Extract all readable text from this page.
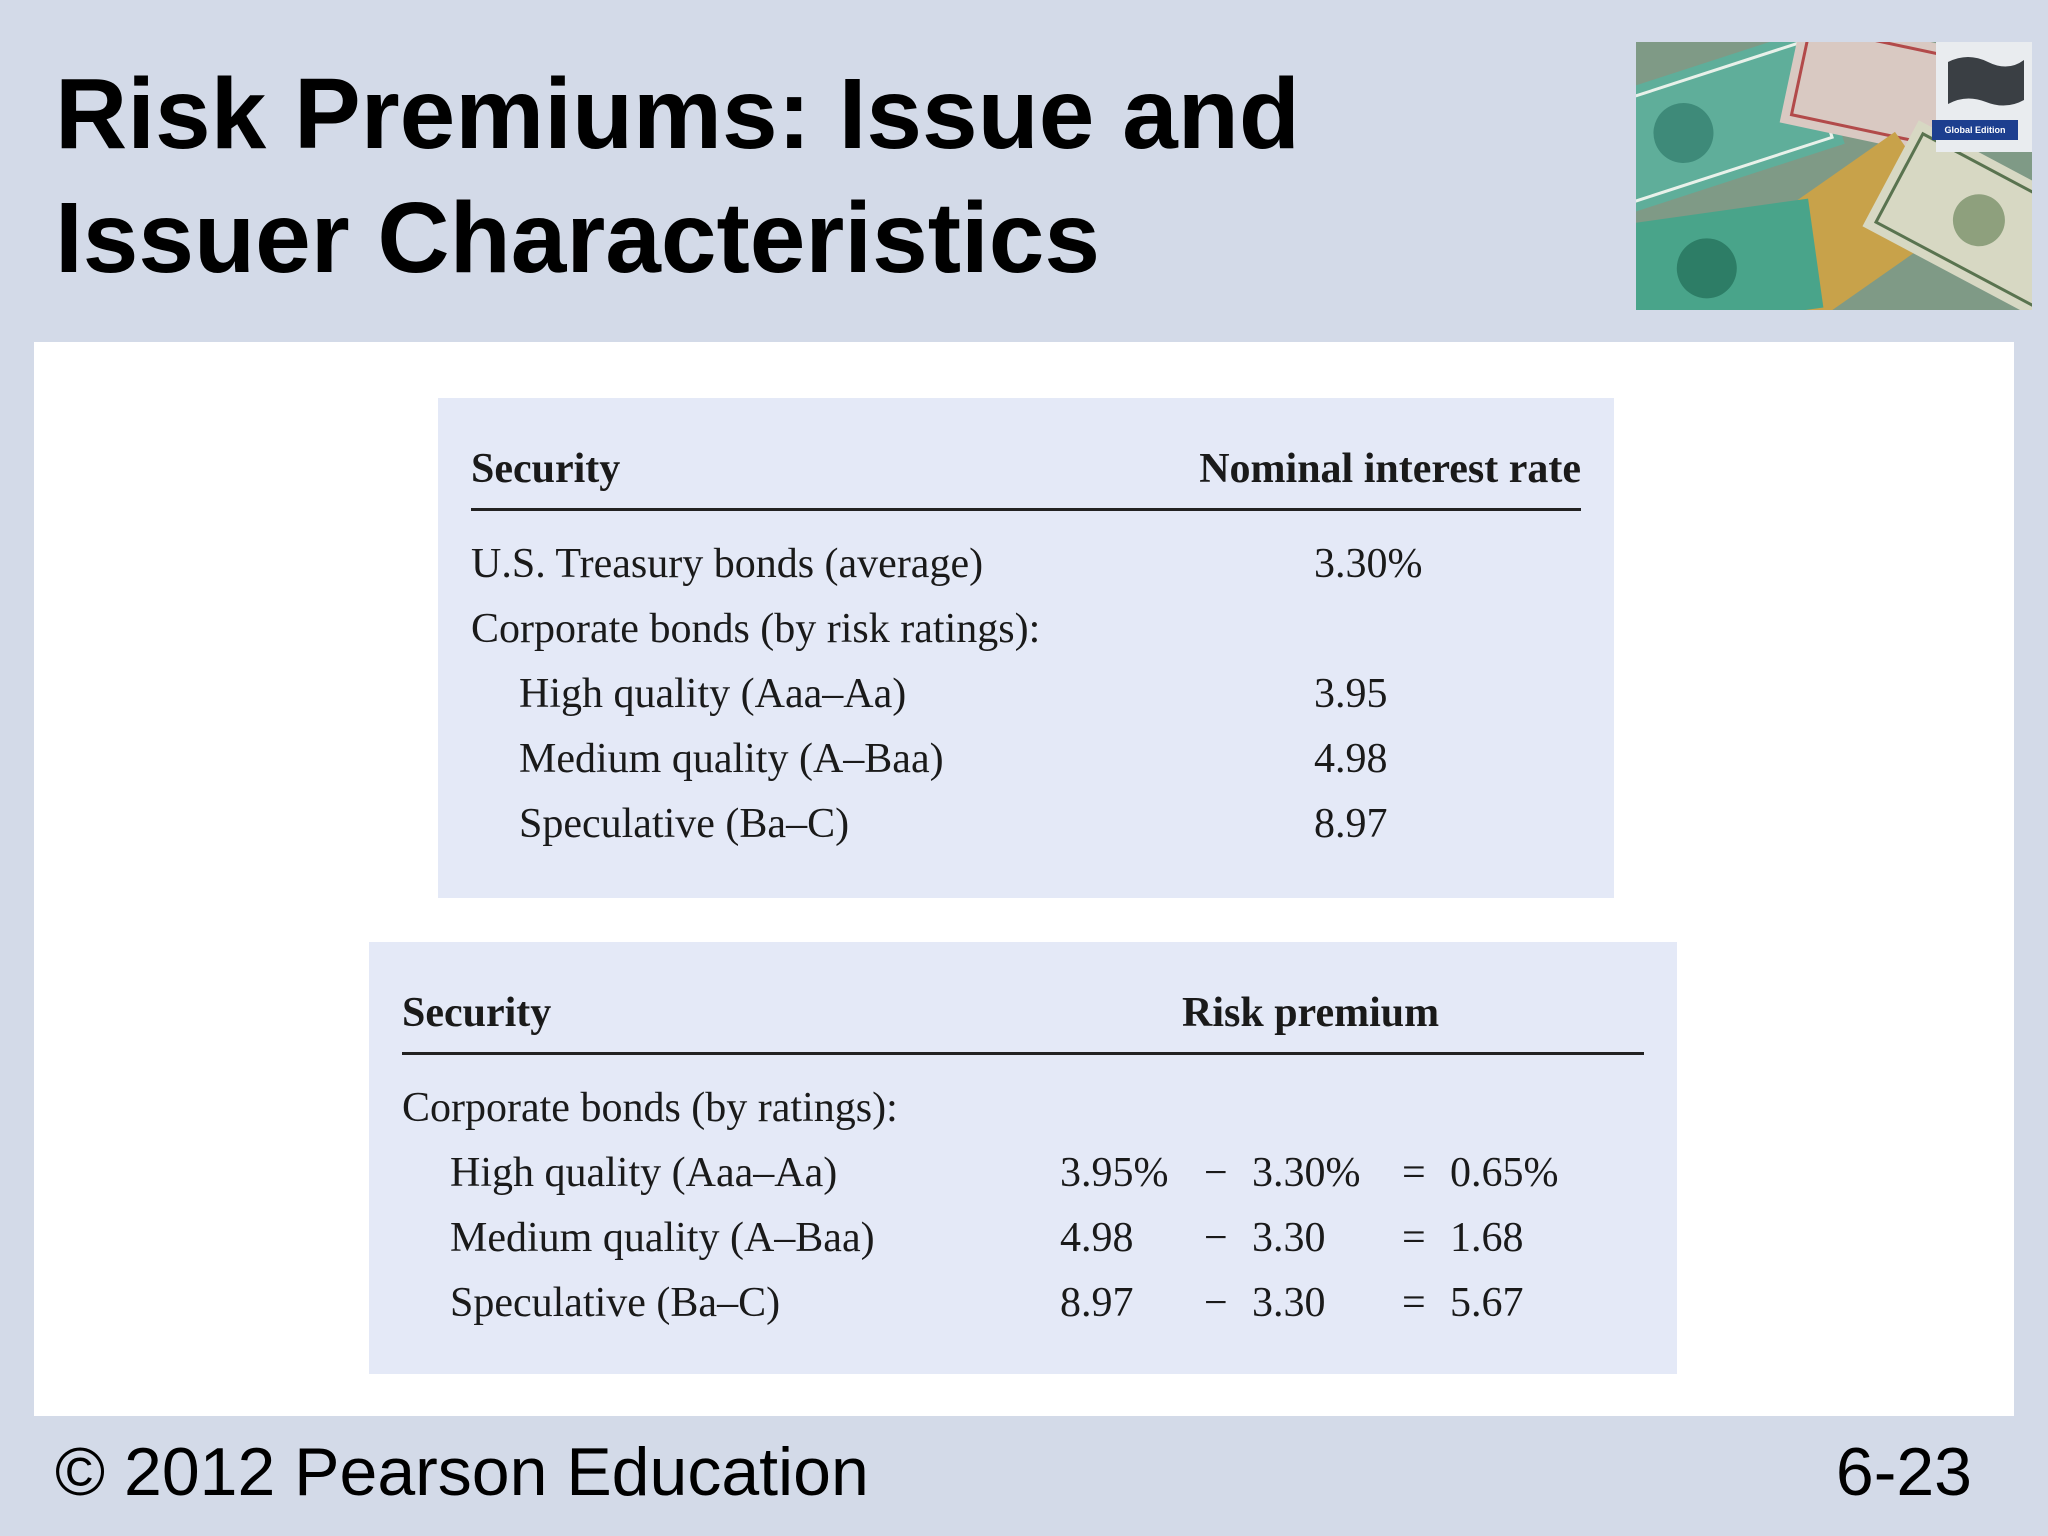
Risk Premiums: Issue and
Issuer Characteristics
Global Edition
Security	Nominal interest rate
U.S. Treasury bonds (average)	3.30%
Corporate bonds (by risk ratings):
High quality (Aaa–Aa)	3.95
Medium quality (A–Baa)	4.98
Speculative (Ba–C)	8.97
Security	Risk premium
Corporate bonds (by ratings):
High quality (Aaa–Aa)	3.95% − 3.30% = 0.65%
Medium quality (A–Baa)	4.98 − 3.30 = 1.68
Speculative (Ba–C)	8.97 − 3.30 = 5.67
© 2012 Pearson Education	6-23
